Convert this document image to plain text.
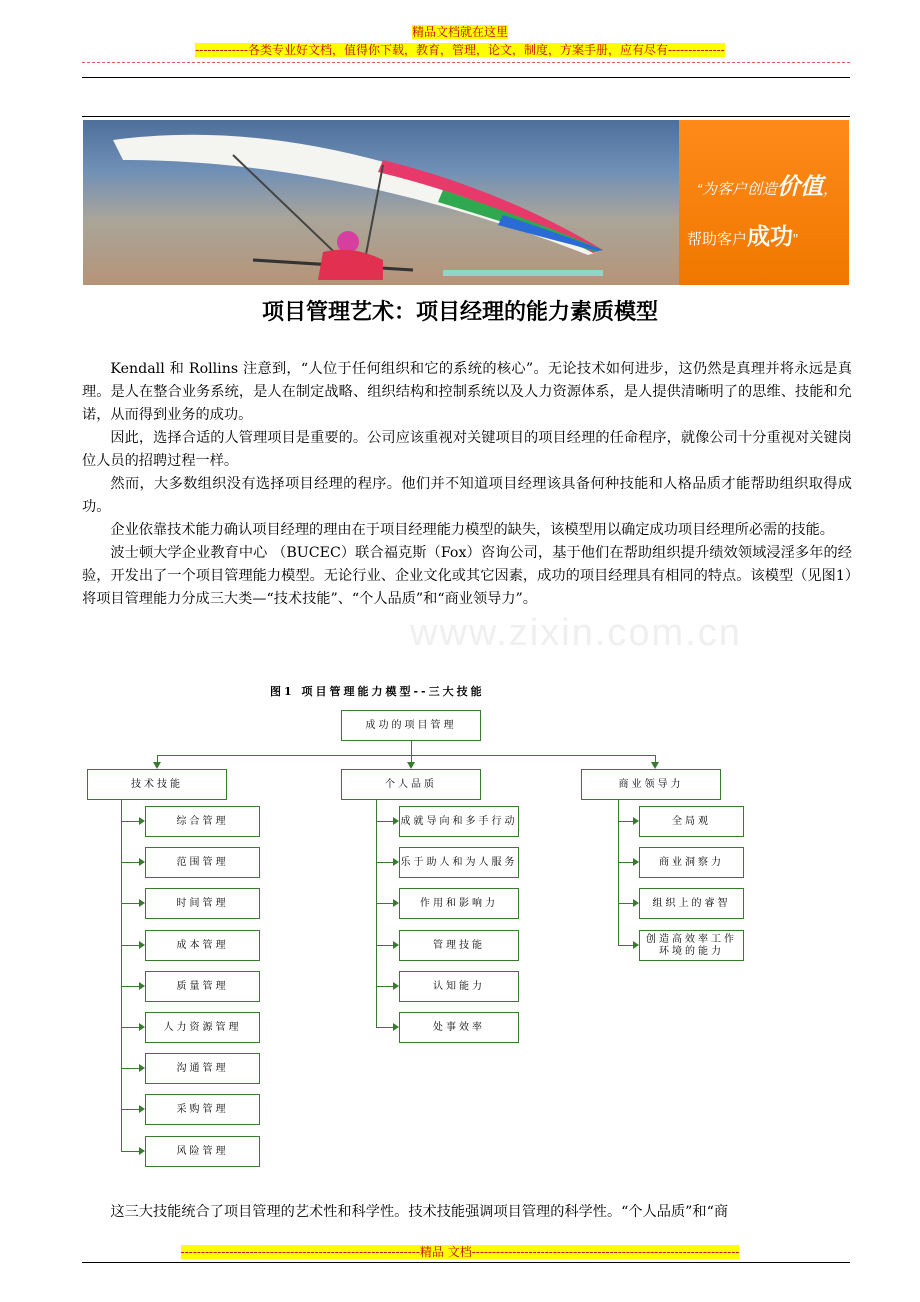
精品文档就在这里
-------------各类专业好文档，值得你下载，教育，管理，论文，制度，方案手册，应有尽有--------------
“为客户创造价值，
帮助客户成功”
项目管理艺术：项目经理的能力素质模型

Kendall 和 Rollins 注意到，“人位于任何组织和它的系统的核心”。无论技术如何进步，这仍然是真理并将永远是真理。是人在整合业务系统，是人在制定战略、组织结构和控制系统以及人力资源体系，是人提供清晰明了的思维、技能和允诺，从而得到业务的成功。

因此，选择合适的人管理项目是重要的。公司应该重视对关键项目的项目经理的任命程序，就像公司十分重视对关键岗位人员的招聘过程一样。

然而，大多数组织没有选择项目经理的程序。他们并不知道项目经理该具备何种技能和人格品质才能帮助组织取得成功。

企业依靠技术能力确认项目经理的理由在于项目经理能力模型的缺失，该模型用以确定成功项目经理所必需的技能。

波士顿大学企业教育中心 （BUCEC）联合福克斯（Fox）咨询公司，基于他们在帮助组织提升绩效领域浸淫多年的经验，开发出了一个项目管理能力模型。无论行业、企业文化或其它因素，成功的项目经理具有相同的特点。该模型（见图1）将项目管理能力分成三大类—“技术技能”、“个人品质”和“商业领导力”。

www.zixin.com.cn
图1 项目管理能力模型--三大技能
成功的项目管理
技术技能	个人品质	商业领导力
综合管理
范围管理
时间管理
成本管理
质量管理
人力资源管理
沟通管理
采购管理
风险管理
成就导向和多手行动
乐于助人和为人服务
作用和影响力
管理技能
认知能力
处事效率
全局观
商业洞察力
组织上的睿智
创造高效率工作环境的能力
这三大技能统合了项目管理的艺术性和科学性。技术技能强调项目管理的科学性。“个人品质”和“商
-----------------------------------------------------------精品 文档------------------------------------------------------------------
